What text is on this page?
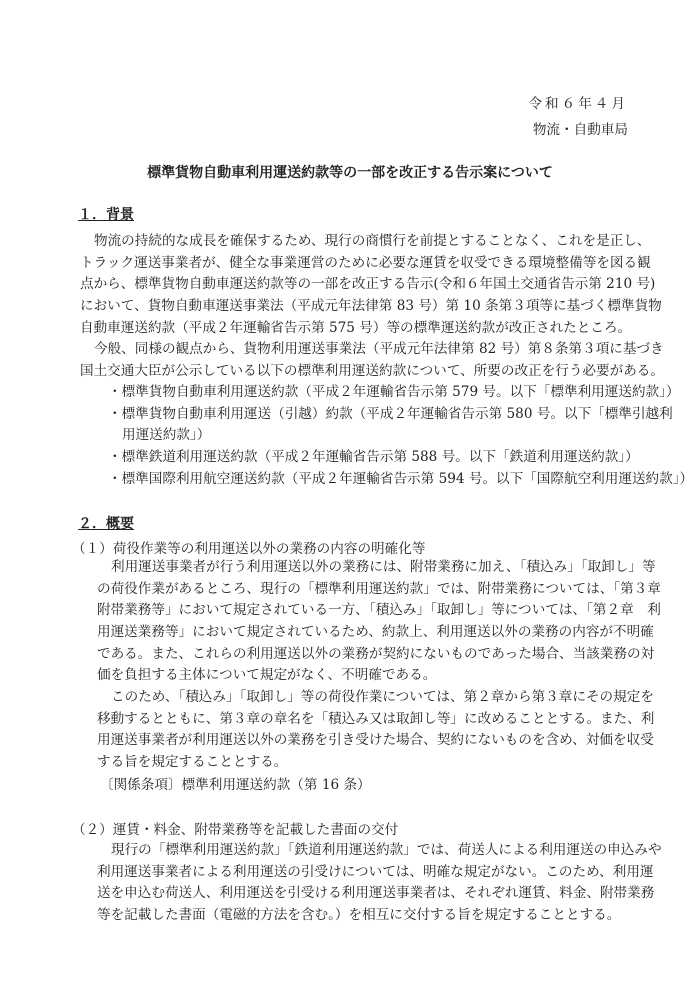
令和６年４月
物流・自動車局
標準貨物自動車利用運送約款等の一部を改正する告示案について
１．背景
物流の持続的な成長を確保するため、現行の商慣行を前提とすることなく、これを是正し、
トラック運送事業者が、健全な事業運営のために必要な運賃を収受できる環境整備等を図る観
点から、標準貨物自動車運送約款等の一部を改正する告示(令和６年国土交通省告示第 210 号)
において、貨物自動車運送事業法（平成元年法律第 83 号）第 10 条第３項等に基づく標準貨物
自動車運送約款（平成２年運輸省告示第 575 号）等の標準運送約款が改正されたところ。
今般、同様の観点から、貨物利用運送事業法（平成元年法律第 82 号）第８条第３項に基づき
国土交通大臣が公示している以下の標準利用運送約款について、所要の改正を行う必要がある。
・標準貨物自動車利用運送約款（平成２年運輸省告示第 579 号。以下「標準利用運送約款」）
・標準貨物自動車利用運送（引越）約款（平成２年運輸省告示第 580 号。以下「標準引越利
用運送約款」）
・標準鉄道利用運送約款（平成２年運輸省告示第 588 号。以下「鉄道利用運送約款」）
・標準国際利用航空運送約款（平成２年運輸省告示第 594 号。以下「国際航空利用運送約款」）
２．概要
（１）荷役作業等の利用運送以外の業務の内容の明確化等
利用運送事業者が行う利用運送以外の業務には、附帯業務に加え、「積込み」「取卸し」等
の荷役作業があるところ、現行の「標準利用運送約款」では、附帯業務については、「第３章
附帯業務等」において規定されている一方、「積込み」「取卸し」等については、「第２章　利
用運送業務等」において規定されているため、約款上、利用運送以外の業務の内容が不明確
である。また、これらの利用運送以外の業務が契約にないものであった場合、当該業務の対
価を負担する主体について規定がなく、不明確である。
このため、「積込み」「取卸し」等の荷役作業については、第２章から第３章にその規定を
移動するとともに、第３章の章名を「積込み又は取卸し等」に改めることとする。また、利
用運送事業者が利用運送以外の業務を引き受けた場合、契約にないものを含め、対価を収受
する旨を規定することとする。
〔関係条項〕標準利用運送約款（第 16 条）
（２）運賃・料金、附帯業務等を記載した書面の交付
現行の「標準利用運送約款」「鉄道利用運送約款」では、荷送人による利用運送の申込みや
利用運送事業者による利用運送の引受けについては、明確な規定がない。このため、利用運
送を申込む荷送人、利用運送を引受ける利用運送事業者は、それぞれ運賃、料金、附帯業務
等を記載した書面（電磁的方法を含む。）を相互に交付する旨を規定することとする。
